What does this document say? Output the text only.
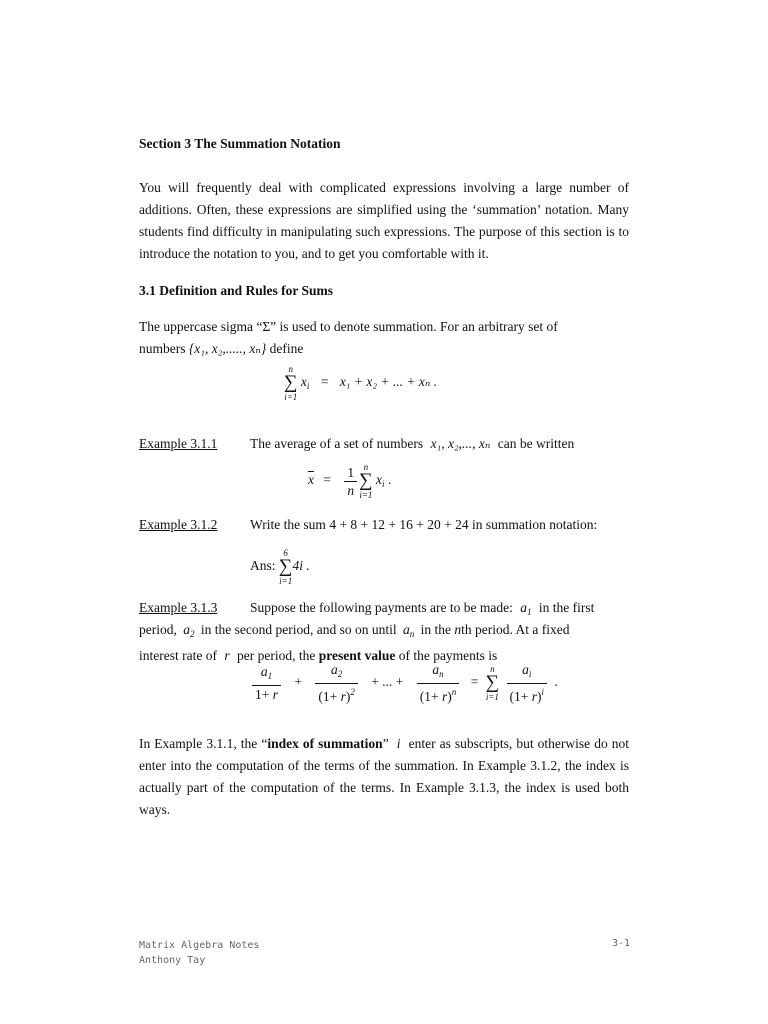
Section 3 The Summation Notation
You will frequently deal with complicated expressions involving a large number of additions. Often, these expressions are simplified using the ‘summation’ notation. Many students find difficulty in manipulating such expressions. The purpose of this section is to introduce the notation to you, and to get you comfortable with it.
3.1 Definition and Rules for Sums
The uppercase sigma “Σ” is used to denote summation. For an arbitrary set of
numbers {x₁, x₂,....., xₙ} define
n
∑
i=1
$x_i = x_1 + x_2$ + ... + xₙ .
Example 3.1.1 The average of a set of numbers x₁, x₂,..., xₙ can be written
$\overline{x} = \frac{1}{n}$ n
∑
i=1
$x_i$ .
Example 3.1.2 Write the sum 4 + 8 + 12 + 16 + 20 + 24 in summation notation:
Ans:
6
∑
i=1
4i .
Example 3.1.3 Suppose the following payments are to be made: $a_1$ in the first
period, $a_2$ in the second period, and so on until $a_n$ in the nth period. At a fixed
interest rate of r per period, the present value of the payments is
$\frac{a_1}{1+ r} + \frac{a_2}{(1+ r)^2}$ + ... + $\frac{a_n}{(1+ r)^n}$ =
n
∑
i=1
$\frac{a_i}{(1+ r)^i}$ .
In Example 3.1.1, the “index of summation” i enter as subscripts, but otherwise do not enter into the computation of the terms of the summation. In Example 3.1.2, the index is actually part of the computation of the terms. In Example 3.1.3, the index is used both ways.
Matrix Algebra Notes
Anthony Tay
3-1
